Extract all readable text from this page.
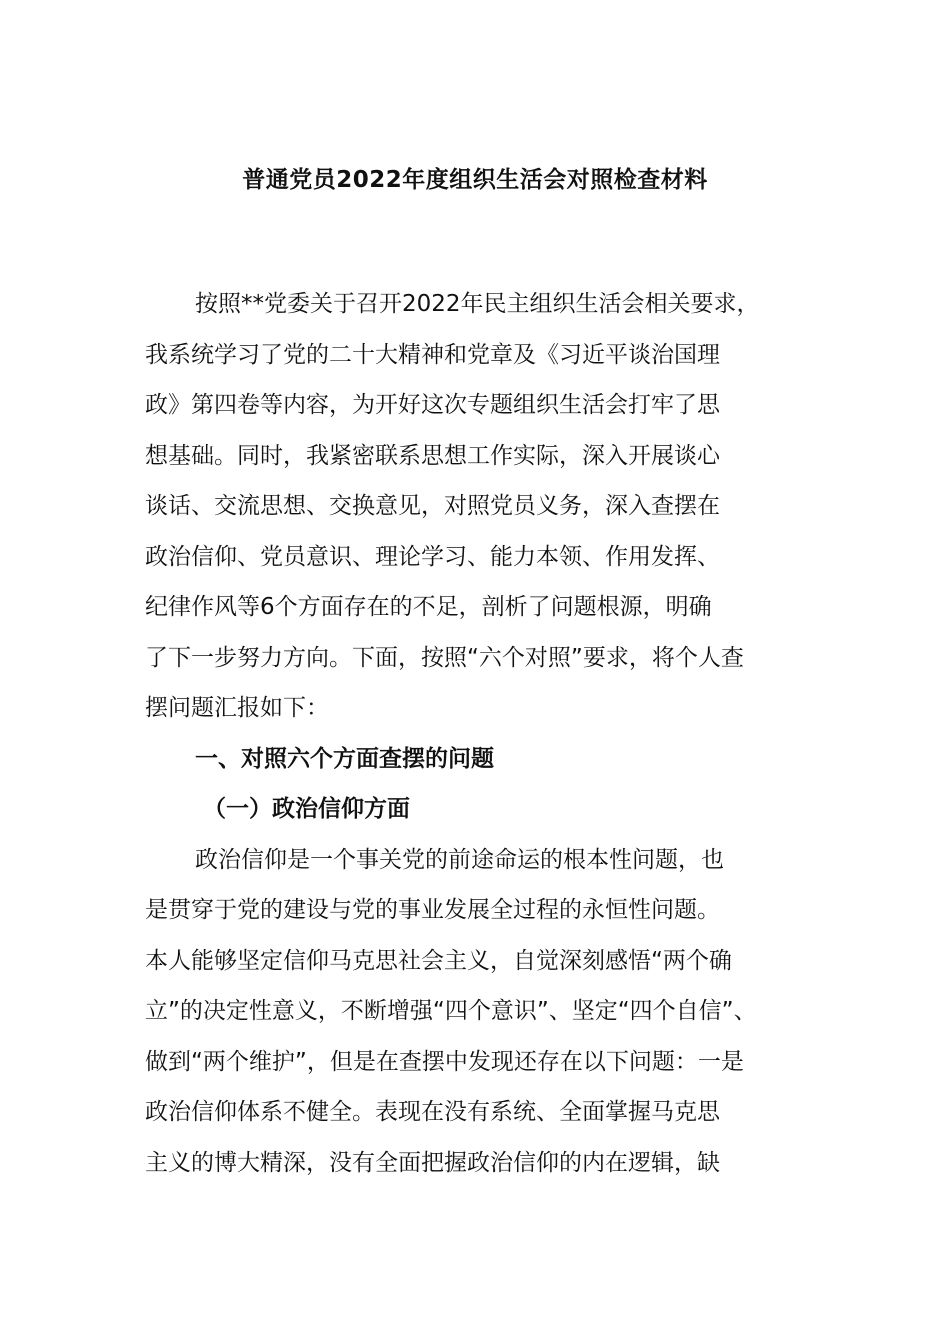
普通党员2022年度组织生活会对照检查材料
按照**党委关于召开2022年民主组织生活会相关要求，
我系统学习了党的二十大精神和党章及《习近平谈治国理
政》第四卷等内容，为开好这次专题组织生活会打牢了思
想基础。同时，我紧密联系思想工作实际，深入开展谈心
谈话、交流思想、交换意见，对照党员义务，深入查摆在
政治信仰、党员意识、理论学习、能力本领、作用发挥、
纪律作风等6个方面存在的不足，剖析了问题根源，明确
了下一步努力方向。下面，按照“六个对照”要求，将个人查
摆问题汇报如下：
一、对照六个方面查摆的问题
（一）政治信仰方面
政治信仰是一个事关党的前途命运的根本性问题，也
是贯穿于党的建设与党的事业发展全过程的永恒性问题。
本人能够坚定信仰马克思社会主义，自觉深刻感悟“两个确
立”的决定性意义，不断增强“四个意识”、坚定“四个自信”、
做到“两个维护”，但是在查摆中发现还存在以下问题：一是
政治信仰体系不健全。表现在没有系统、全面掌握马克思
主义的博大精深，没有全面把握政治信仰的内在逻辑，缺
